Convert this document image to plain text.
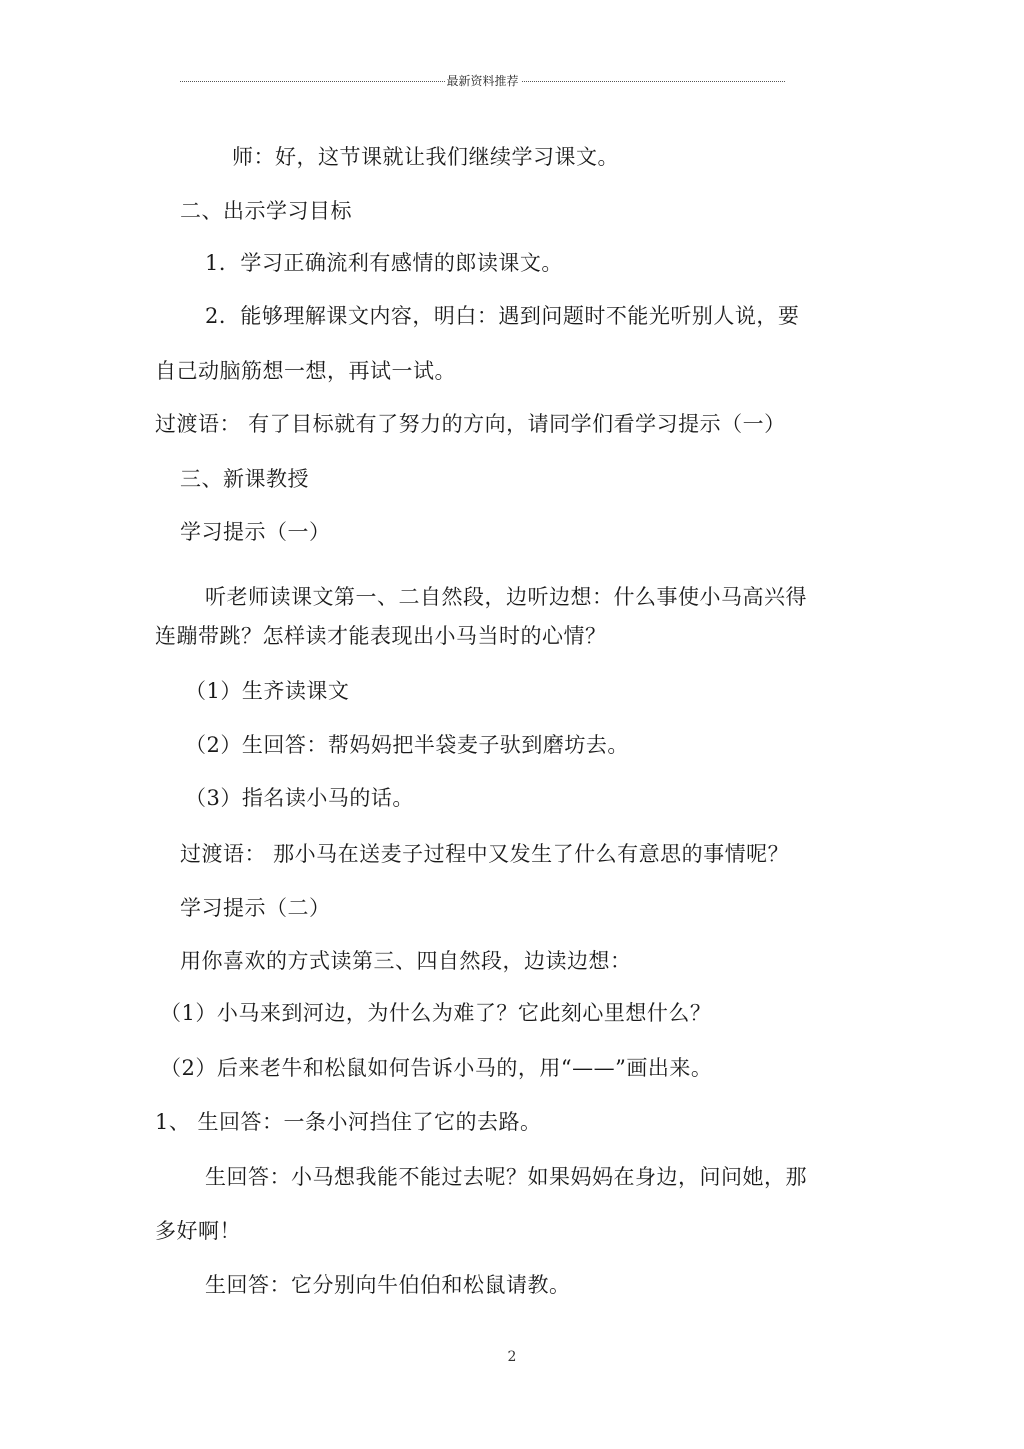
最新资料推荐
师：好，这节课就让我们继续学习课文。
二、出示学习目标
1．学习正确流利有感情的郎读课文。
2．能够理解课文内容，明白：遇到问题时不能光听别人说，要
自己动脑筋想一想，再试一试。
过渡语： 有了目标就有了努力的方向，请同学们看学习提示（一）
三、新课教授
学习提示（一）
听老师读课文第一、二自然段，边听边想：什么事使小马高兴得
连蹦带跳？怎样读才能表现出小马当时的心情？
（1）生齐读课文
（2）生回答：帮妈妈把半袋麦子驮到磨坊去。
（3）指名读小马的话。
过渡语： 那小马在送麦子过程中又发生了什么有意思的事情呢？
学习提示（二）
用你喜欢的方式读第三、四自然段，边读边想：
（1）小马来到河边，为什么为难了？它此刻心里想什么？
（2）后来老牛和松鼠如何告诉小马的，用“——”画出来。
1、 生回答：一条小河挡住了它的去路。
生回答：小马想我能不能过去呢？如果妈妈在身边，问问她，那
多好啊！
生回答：它分别向牛伯伯和松鼠请教。
2
